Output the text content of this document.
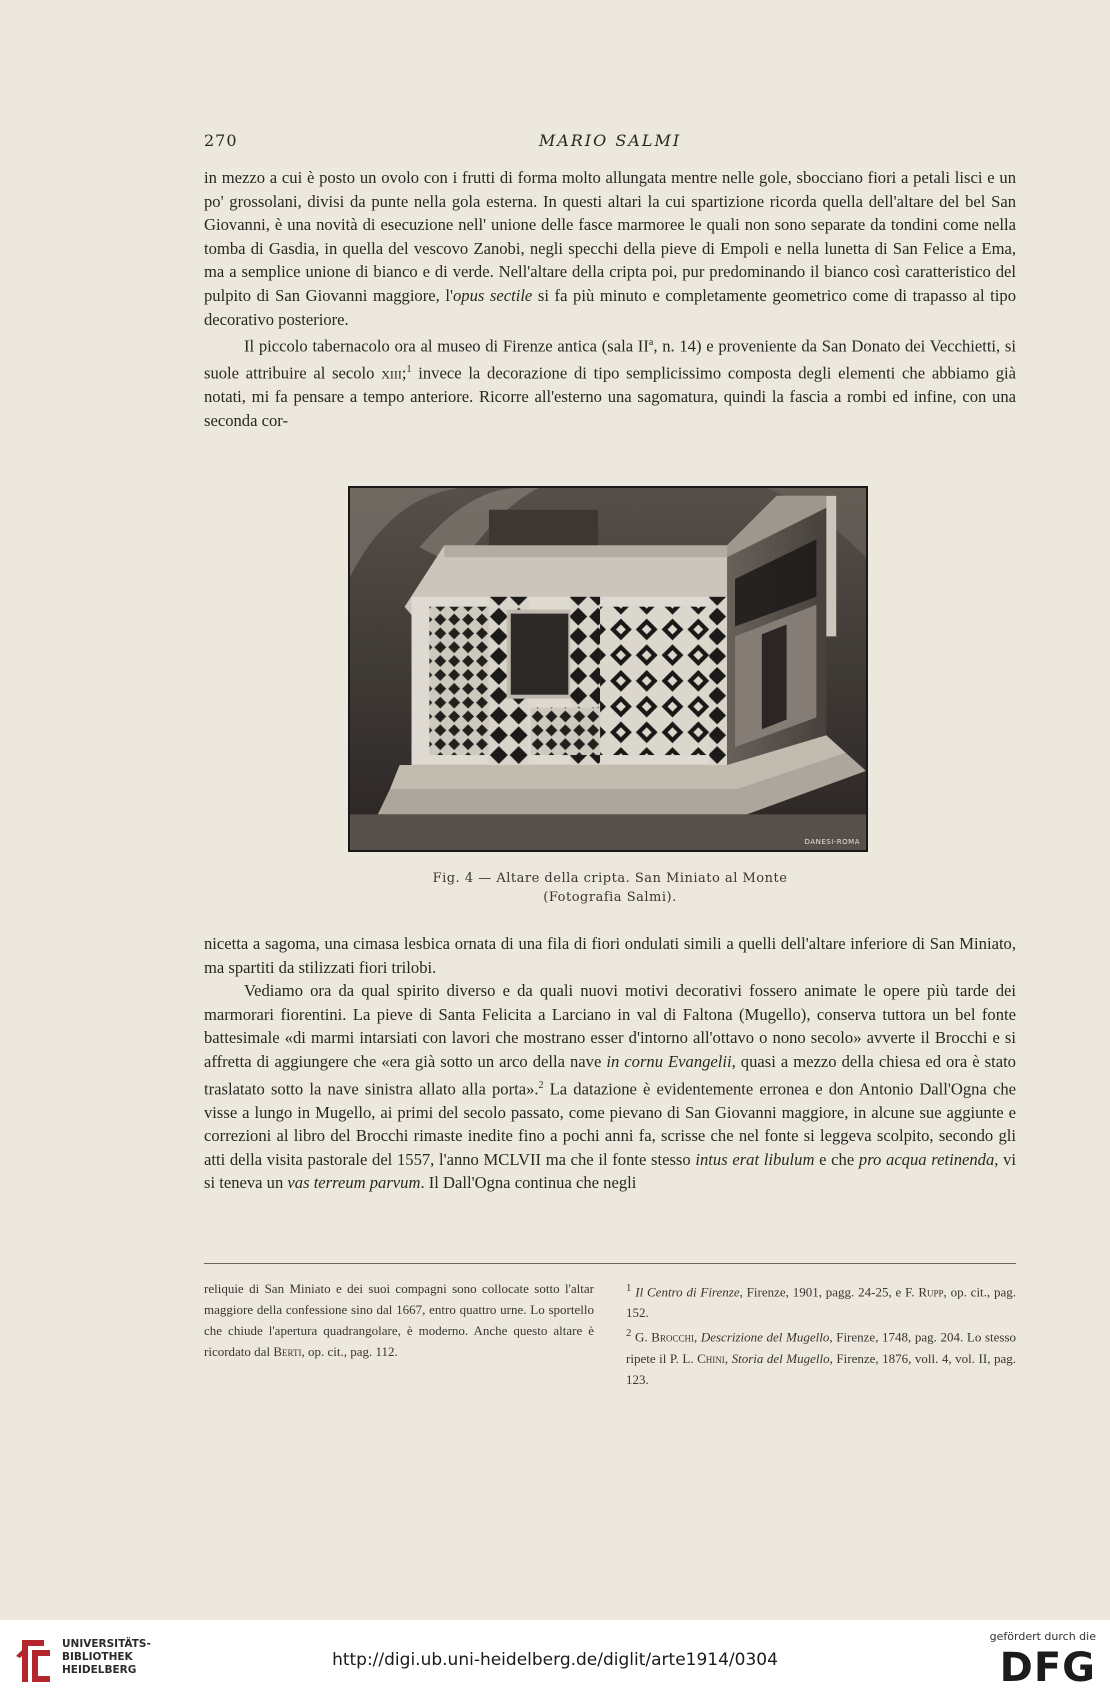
270	MARIO SALMI

in mezzo a cui è posto un ovolo con i frutti di forma molto allungata mentre nelle gole, sbocciano fiori a petali lisci e un po' grossolani, divisi da punte nella gola esterna. In questi altari la cui spartizione ricorda quella dell'altare del bel San Giovanni, è una novità di esecuzione nell' unione delle fasce marmoree le quali non sono separate da tondini come nella tomba di Gasdia, in quella del vescovo Zanobi, negli specchi della pieve di Empoli e nella lunetta di San Felice a Ema, ma a semplice unione di bianco e di verde. Nell'altare della cripta poi, pur predominando il bianco così caratteristico del pulpito di San Giovanni maggiore, l'opus sectile si fa più minuto e completamente geometrico come di trapasso al tipo decorativo posteriore.

Il piccolo tabernacolo ora al museo di Firenze antica (sala $II^a$, n. 14) e proveniente da San Donato dei Vecchietti, si suole attribuire al secolo xiii;$^1$ invece la decorazione di tipo semplicissimo composta degli elementi che abbiamo già notati, mi fa pensare a tempo anteriore. Ricorre all'esterno una sagomatura, quindi la fascia a rombi ed infine, con una seconda cor-

DANESI-ROMA
Fig. 4 — Altare della cripta. San Miniato al Monte
(Fotografia Salmi).

nicetta a sagoma, una cimasa lesbica ornata di una fila di fiori ondulati simili a quelli dell'altare inferiore di San Miniato, ma spartiti da stilizzati fiori trilobi.

Vediamo ora da qual spirito diverso e da quali nuovi motivi decorativi fossero animate le opere più tarde dei marmorari fiorentini. La pieve di Santa Felicita a Larciano in val di Faltona (Mugello), conserva tuttora un bel fonte battesimale «di marmi intarsiati con lavori che mostrano esser d'intorno all'ottavo o nono secolo» avverte il Brocchi e si affretta di aggiungere che «era già sotto un arco della nave in cornu Evangelii, quasi a mezzo della chiesa ed ora è stato traslatato sotto la nave sinistra allato alla porta».$^2$ La datazione è evidentemente erronea e don Antonio Dall'Ogna che visse a lungo in Mugello, ai primi del secolo passato, come pievano di San Giovanni maggiore, in alcune sue aggiunte e correzioni al libro del Brocchi rimaste inedite fino a pochi anni fa, scrisse che nel fonte si leggeva scolpito, secondo gli atti della visita pastorale del 1557, l'anno MCLVII ma che il fonte stesso intus erat libulum e che pro acqua retinenda, vi si teneva un vas terreum parvum. Il Dall'Ogna continua che negli

reliquie di San Miniato e dei suoi compagni sono collocate sotto l'altar maggiore della confessione sino dal 1667, entro quattro urne. Lo sportello che chiude l'apertura quadrangolare, è moderno. Anche questo altare è ricordato dal Berti, op. cit., pag. 112.

$^1$ Il Centro di Firenze, Firenze, 1901, pagg. 24-25, e F. Rupp, op. cit., pag. 152.

$^2$ G. Brocchi, Descrizione del Mugello, Firenze, 1748, pag. 204. Lo stesso ripete il P. L. Chini, Storia del Mugello, Firenze, 1876, voll. 4, vol. II, pag. 123.

UNIVERSITÄTS-
BIBLIOTHEK
HEIDELBERG	http://digi.ub.uni-heidelberg.de/diglit/arte1914/0304
gefördert durch die
DFG
